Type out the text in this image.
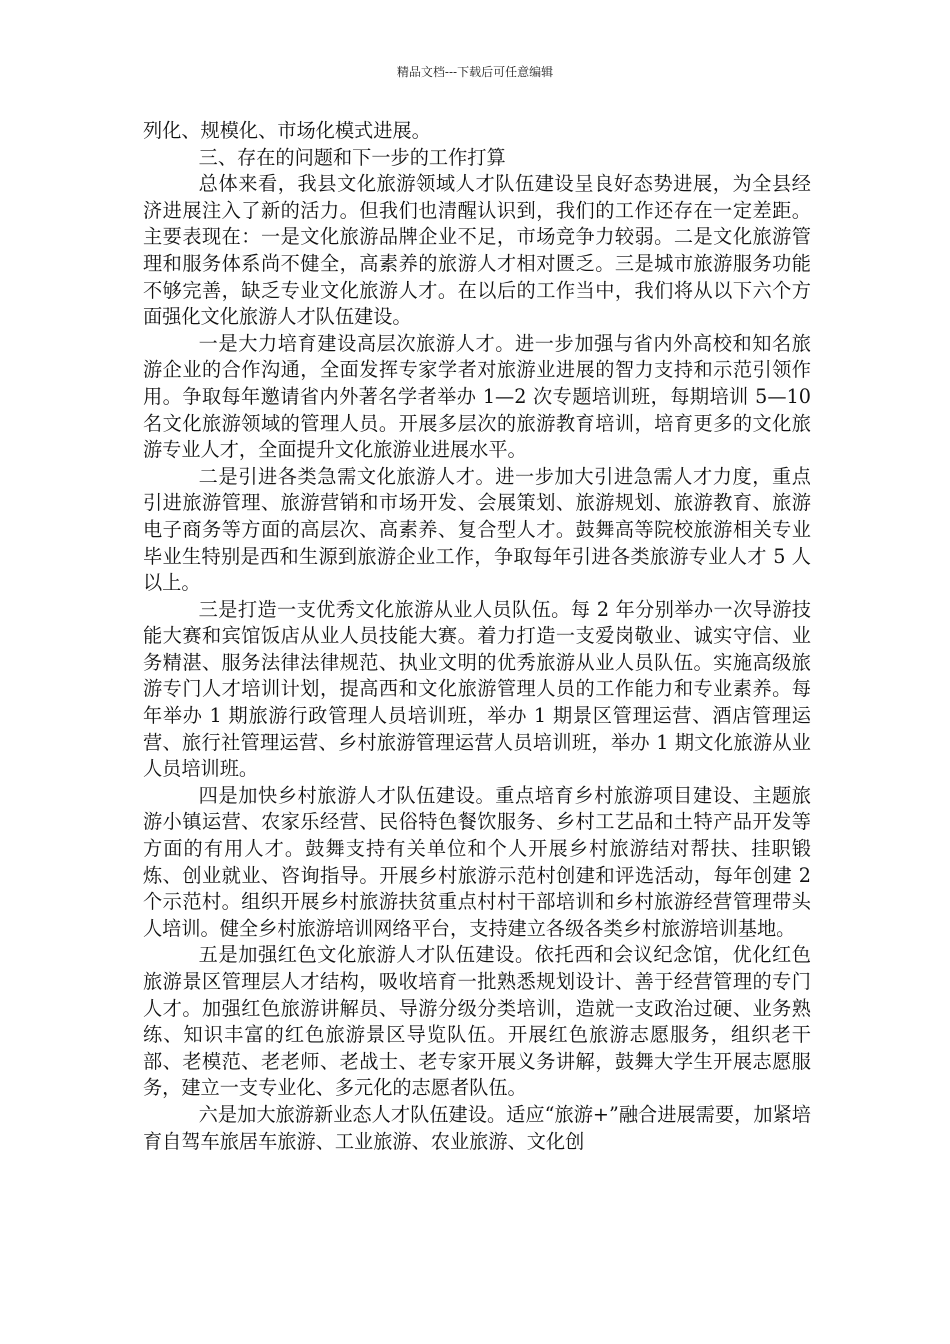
精品文档---下载后可任意编辑

列化、规模化、市场化模式进展。

三、存在的问题和下一步的工作打算

总体来看，我县文化旅游领域人才队伍建设呈良好态势进展，为全县经济进展注入了新的活力。但我们也清醒认识到，我们的工作还存在一定差距。主要表现在：一是文化旅游品牌企业不足，市场竞争力较弱。二是文化旅游管理和服务体系尚不健全，高素养的旅游人才相对匮乏。三是城市旅游服务功能不够完善，缺乏专业文化旅游人才。在以后的工作当中，我们将从以下六个方面强化文化旅游人才队伍建设。

一是大力培育建设高层次旅游人才。进一步加强与省内外高校和知名旅游企业的合作沟通，全面发挥专家学者对旅游业进展的智力支持和示范引领作用。争取每年邀请省内外著名学者举办 1—2 次专题培训班，每期培训 5—10 名文化旅游领域的管理人员。开展多层次的旅游教育培训，培育更多的文化旅游专业人才，全面提升文化旅游业进展水平。

二是引进各类急需文化旅游人才。进一步加大引进急需人才力度，重点引进旅游管理、旅游营销和市场开发、会展策划、旅游规划、旅游教育、旅游电子商务等方面的高层次、高素养、复合型人才。鼓舞高等院校旅游相关专业毕业生特别是西和生源到旅游企业工作，争取每年引进各类旅游专业人才 5 人以上。

三是打造一支优秀文化旅游从业人员队伍。每 2 年分别举办一次导游技能大赛和宾馆饭店从业人员技能大赛。着力打造一支爱岗敬业、诚实守信、业务精湛、服务法律法律规范、执业文明的优秀旅游从业人员队伍。实施高级旅游专门人才培训计划，提高西和文化旅游管理人员的工作能力和专业素养。每年举办 1 期旅游行政管理人员培训班，举办 1 期景区管理运营、酒店管理运营、旅行社管理运营、乡村旅游管理运营人员培训班，举办 1 期文化旅游从业人员培训班。

四是加快乡村旅游人才队伍建设。重点培育乡村旅游项目建设、主题旅游小镇运营、农家乐经营、民俗特色餐饮服务、乡村工艺品和土特产品开发等方面的有用人才。鼓舞支持有关单位和个人开展乡村旅游结对帮扶、挂职锻炼、创业就业、咨询指导。开展乡村旅游示范村创建和评选活动，每年创建 2 个示范村。组织开展乡村旅游扶贫重点村村干部培训和乡村旅游经营管理带头人培训。健全乡村旅游培训网络平台，支持建立各级各类乡村旅游培训基地。

五是加强红色文化旅游人才队伍建设。依托西和会议纪念馆，优化红色旅游景区管理层人才结构，吸收培育一批熟悉规划设计、善于经营管理的专门人才。加强红色旅游讲解员、导游分级分类培训，造就一支政治过硬、业务熟练、知识丰富的红色旅游景区导览队伍。开展红色旅游志愿服务，组织老干部、老模范、老老师、老战士、老专家开展义务讲解，鼓舞大学生开展志愿服务，建立一支专业化、多元化的志愿者队伍。

六是加大旅游新业态人才队伍建设。适应“旅游+”融合进展需要，加紧培育自驾车旅居车旅游、工业旅游、农业旅游、文化创
